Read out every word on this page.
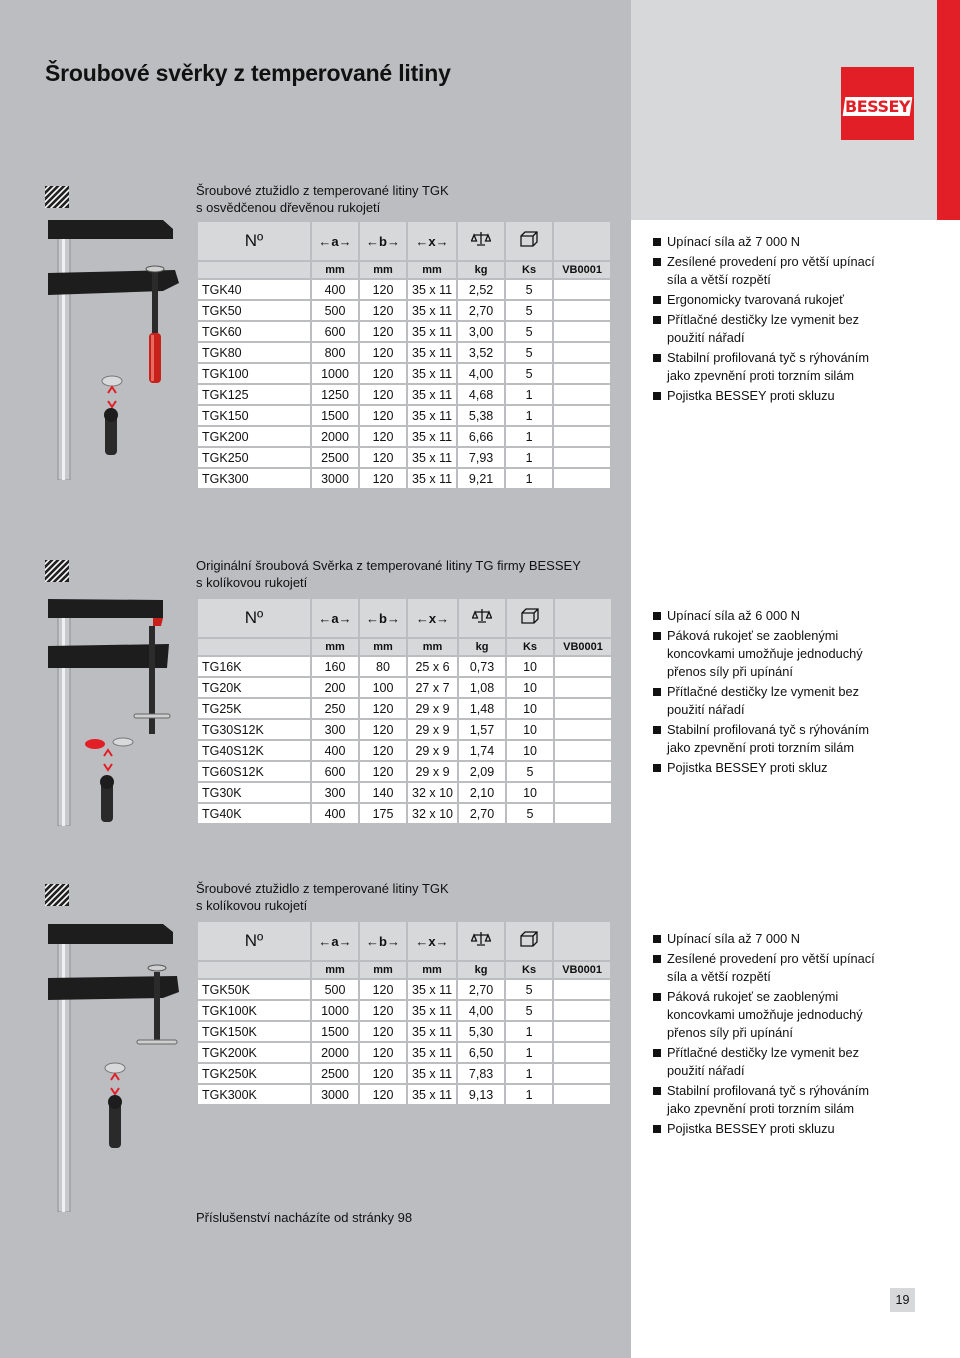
Šroubové svěrky z temperované litiny
BESSEY
Šroubové ztužidlo z temperované litiny TGK
s osvědčenou dřevěnou rukojetí
Nº	←a→	←b→	←x→			
	mm	mm	mm	kg	Ks	VB0001
TGK40	400	120	35 x 11	2,52	5	
TGK50	500	120	35 x 11	2,70	5	
TGK60	600	120	35 x 11	3,00	5	
TGK80	800	120	35 x 11	3,52	5	
TGK100	1000	120	35 x 11	4,00	5	
TGK125	1250	120	35 x 11	4,68	1	
TGK150	1500	120	35 x 11	5,38	1	
TGK200	2000	120	35 x 11	6,66	1	
TGK250	2500	120	35 x 11	7,93	1	
TGK300	3000	120	35 x 11	9,21	1	
Upínací síla až 7 000 N
Zesílené provedení pro větší upínací síla a větší rozpětí
Ergonomicky tvarovaná rukojeť
Přítlačné destičky lze vymenit bez použití nářadí
Stabilní profilovaná tyč s rýhováním jako zpevnění proti torzním silám
Pojistka BESSEY proti skluzu
Originální šroubová Svěrka z temperované litiny TG firmy BESSEY
s kolíkovou rukojetí
Nº	←a→	←b→	←x→			
	mm	mm	mm	kg	Ks	VB0001
TG16K	160	80	25 x 6	0,73	10	
TG20K	200	100	27 x 7	1,08	10	
TG25K	250	120	29 x 9	1,48	10	
TG30S12K	300	120	29 x 9	1,57	10	
TG40S12K	400	120	29 x 9	1,74	10	
TG60S12K	600	120	29 x 9	2,09	5	
TG30K	300	140	32 x 10	2,10	10	
TG40K	400	175	32 x 10	2,70	5	
Upínací síla až 6 000 N
Páková rukojeť se zaoblenými koncovkami umožňuje jednoduchý přenos síly při upínání
Přítlačné destičky lze vymenit bez použití nářadí
Stabilní profilovaná tyč s rýhováním jako zpevnění proti torzním silám
Pojistka BESSEY proti skluz
Šroubové ztužidlo z temperované litiny TGK
s kolíkovou rukojetí
Nº	←a→	←b→	←x→			
	mm	mm	mm	kg	Ks	VB0001
TGK50K	500	120	35 x 11	2,70	5	
TGK100K	1000	120	35 x 11	4,00	5	
TGK150K	1500	120	35 x 11	5,30	1	
TGK200K	2000	120	35 x 11	6,50	1	
TGK250K	2500	120	35 x 11	7,83	1	
TGK300K	3000	120	35 x 11	9,13	1	
Upínací síla až 7 000 N
Zesílené provedení pro větší upínací síla a větší rozpětí
Páková rukojeť se zaoblenými koncovkami umožňuje jednoduchý přenos síly při upínání
Přítlačné destičky lze vymenit bez použití nářadí
Stabilní profilovaná tyč s rýhováním jako zpevnění proti torzním silám
Pojistka BESSEY proti skluzu
Příslušenství nacházíte od stránky 98
19
